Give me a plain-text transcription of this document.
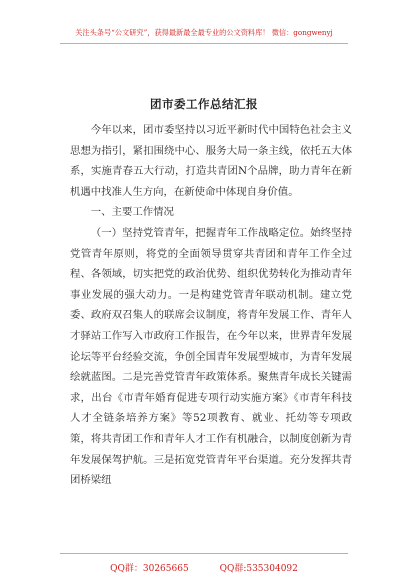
关注头条号“公文研究”，获得最新最全最专业的公文资料库！ 微信：gongwenyj
团市委工作总结汇报

今年以来，团市委坚持以习近平新时代中国特色社会主义思想为指引，紧扣围绕中心、服务大局一条主线，依托五大体系，实施青春五大行动，打造共青团N个品牌，助力青年在新机遇中找准人生方向，在新使命中体现自身价值。

一、主要工作情况

（一）坚持党管青年，把握青年工作战略定位。始终坚持党管青年原则，将党的全面领导贯穿共青团和青年工作全过程、各领域，切实把党的政治优势、组织优势转化为推动青年事业发展的强大动力。一是构建党管青年联动机制。建立党委、政府双召集人的联席会议制度，将青年发展工作、青年人才驿站工作写入市政府工作报告，在今年以来，世界青年发展论坛等平台经验交流，争创全国青年发展型城市，为青年发展绘就蓝图。二是完善党管青年政策体系。聚焦青年成长关键需求，出台《市青年婚育促进专项行动实施方案》《市青年科技人才全链条培养方案》等52项教育、就业、托幼等专项政策，将共青团工作和青年人才工作有机融合，以制度创新为青年发展保驾护航。三是拓宽党管青年平台渠道。充分发挥共青团桥梁纽

QQ群：30265665	QQ群:535304092
